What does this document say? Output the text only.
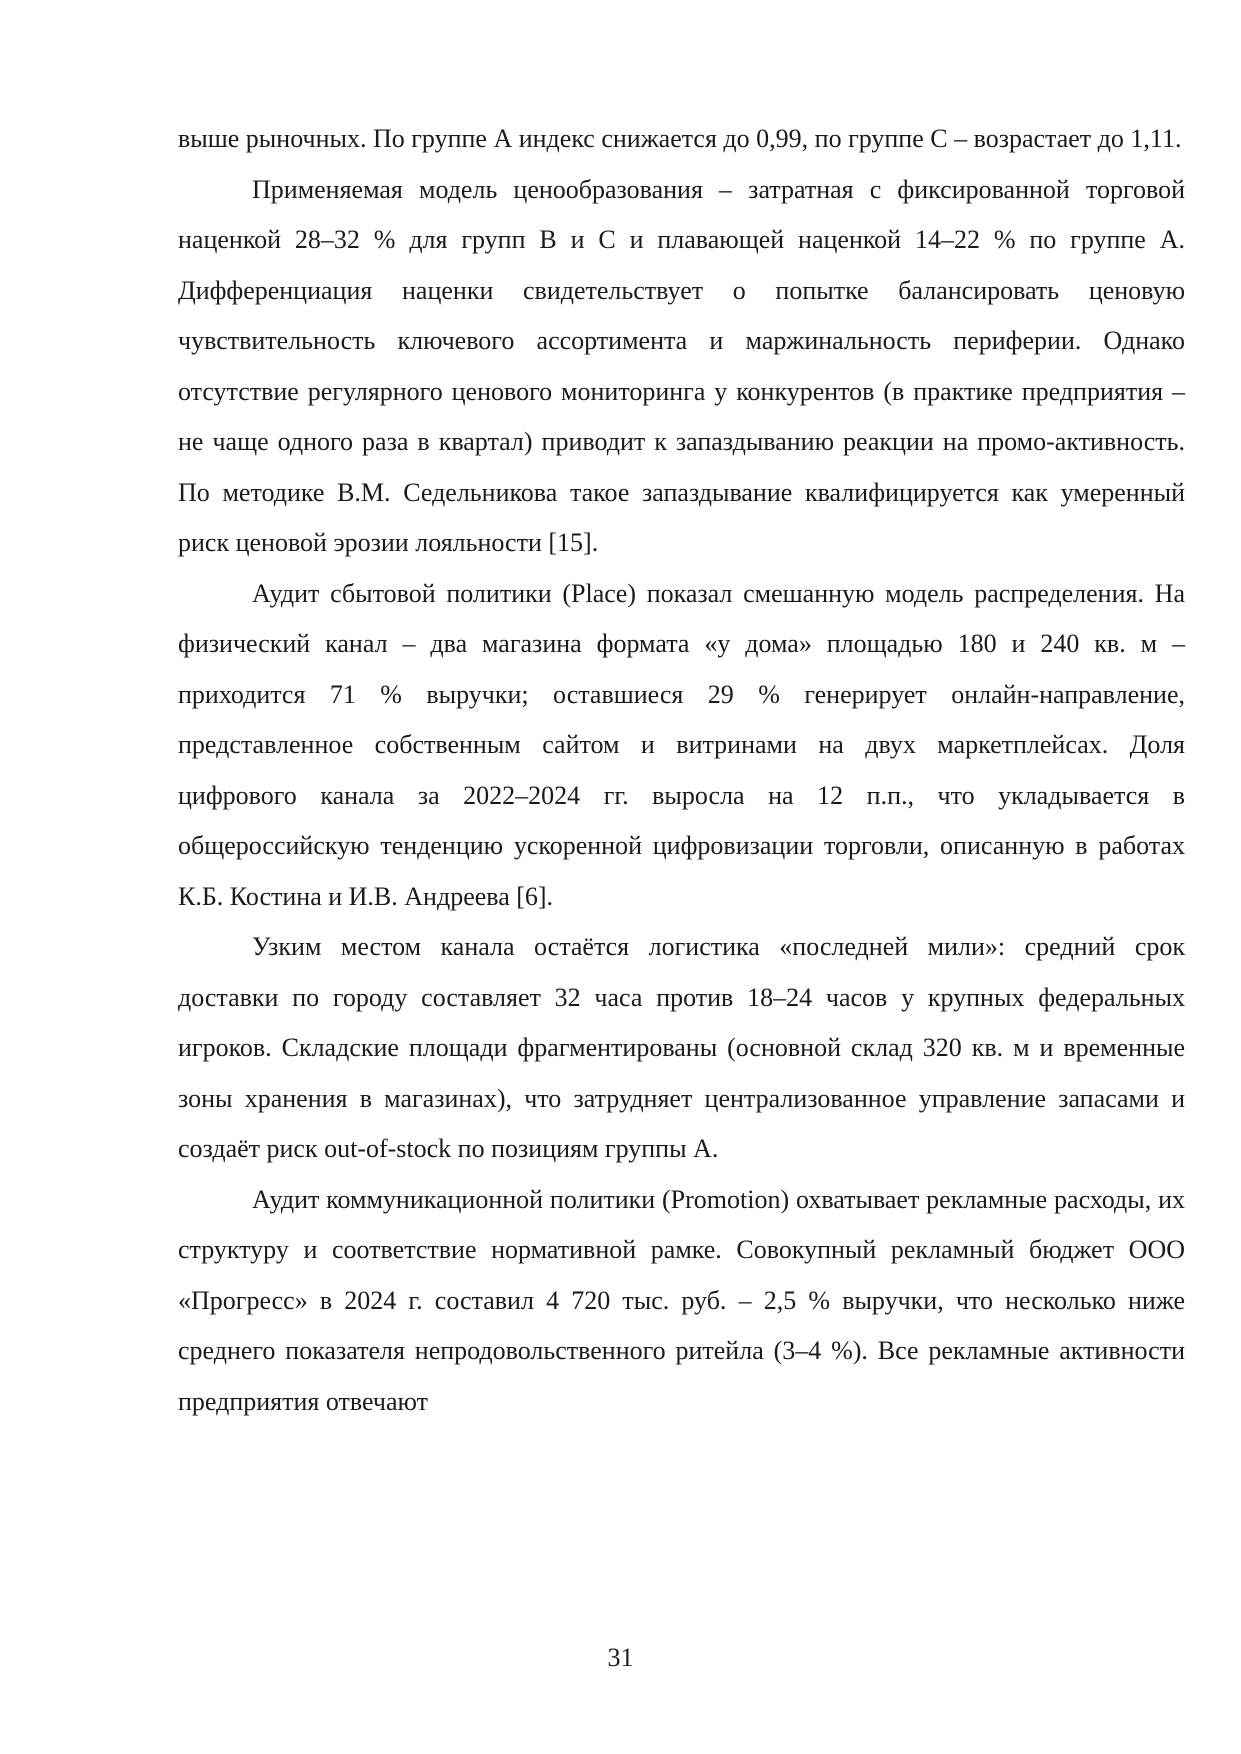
выше рыночных. По группе А индекс снижается до 0,99, по группе С – возрастает до 1,11.

Применяемая модель ценообразования – затратная с фиксированной торговой наценкой 28–32 % для групп В и С и плавающей наценкой 14–22 % по группе А. Дифференциация наценки свидетельствует о попытке балансировать ценовую чувствительность ключевого ассортимента и маржинальность периферии. Однако отсутствие регулярного ценового мониторинга у конкурентов (в практике предприятия – не чаще одного раза в квартал) приводит к запаздыванию реакции на промо-активность. По методике В.М. Седельникова такое запаздывание квалифицируется как умеренный риск ценовой эрозии лояльности [15].

Аудит сбытовой политики (Place) показал смешанную модель распределения. На физический канал – два магазина формата «у дома» площадью 180 и 240 кв. м – приходится 71 % выручки; оставшиеся 29 % генерирует онлайн-направление, представленное собственным сайтом и витринами на двух маркетплейсах. Доля цифрового канала за 2022–2024 гг. выросла на 12 п.п., что укладывается в общероссийскую тенденцию ускоренной цифровизации торговли, описанную в работах К.Б. Костина и И.В. Андреева [6].

Узким местом канала остаётся логистика «последней мили»: средний срок доставки по городу составляет 32 часа против 18–24 часов у крупных федеральных игроков. Складские площади фрагментированы (основной склад 320 кв. м и временные зоны хранения в магазинах), что затрудняет централизованное управление запасами и создаёт риск out-of-stock по позициям группы А.

Аудит коммуникационной политики (Promotion) охватывает рекламные расходы, их структуру и соответствие нормативной рамке. Совокупный рекламный бюджет ООО «Прогресс» в 2024 г. составил 4 720 тыс. руб. – 2,5 % выручки, что несколько ниже среднего показателя непродовольственного ритейла (3–4 %). Все рекламные активности предприятия отвечают

31
